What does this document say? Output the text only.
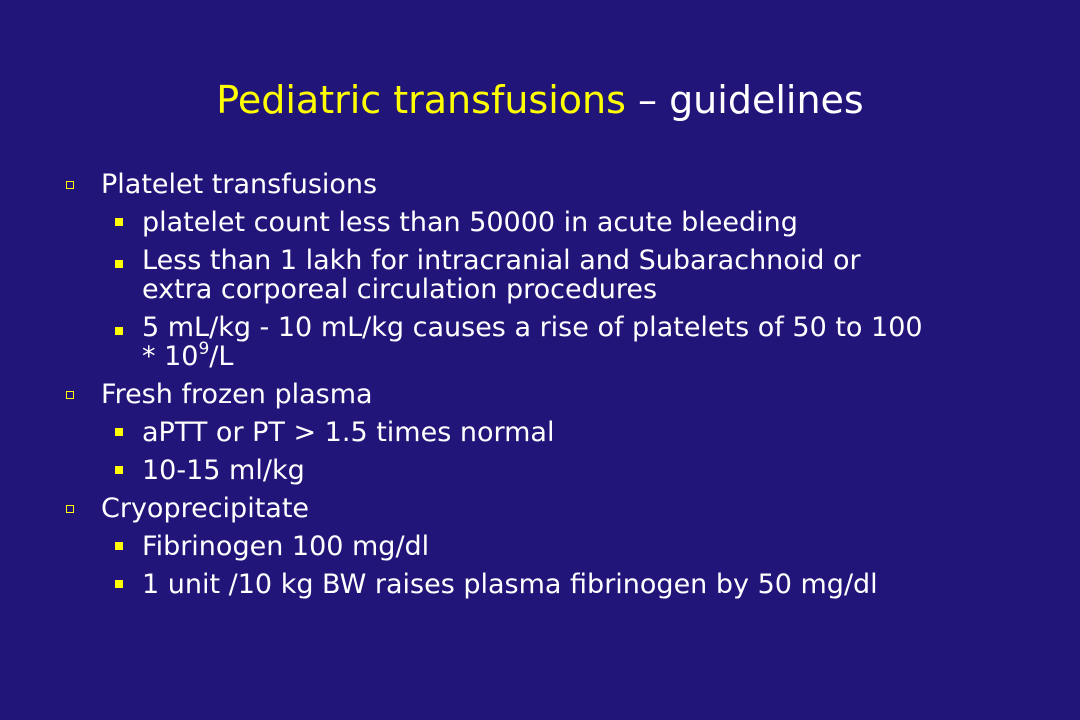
Pediatric transfusions – guidelines
Platelet transfusions
platelet count less than 50000 in acute bleeding
Less than 1 lakh for intracranial and Subarachnoid or
extra corporeal circulation procedures
5 mL/kg - 10 mL/kg causes a rise of platelets of 50 to 100
* $10^9/L$
Fresh frozen plasma
aPTT or PT > 1.5 times normal
10-15 ml/kg
Cryoprecipitate
Fibrinogen 100 mg/dl
1 unit /10 kg BW raises plasma fibrinogen by 50 mg/dl
